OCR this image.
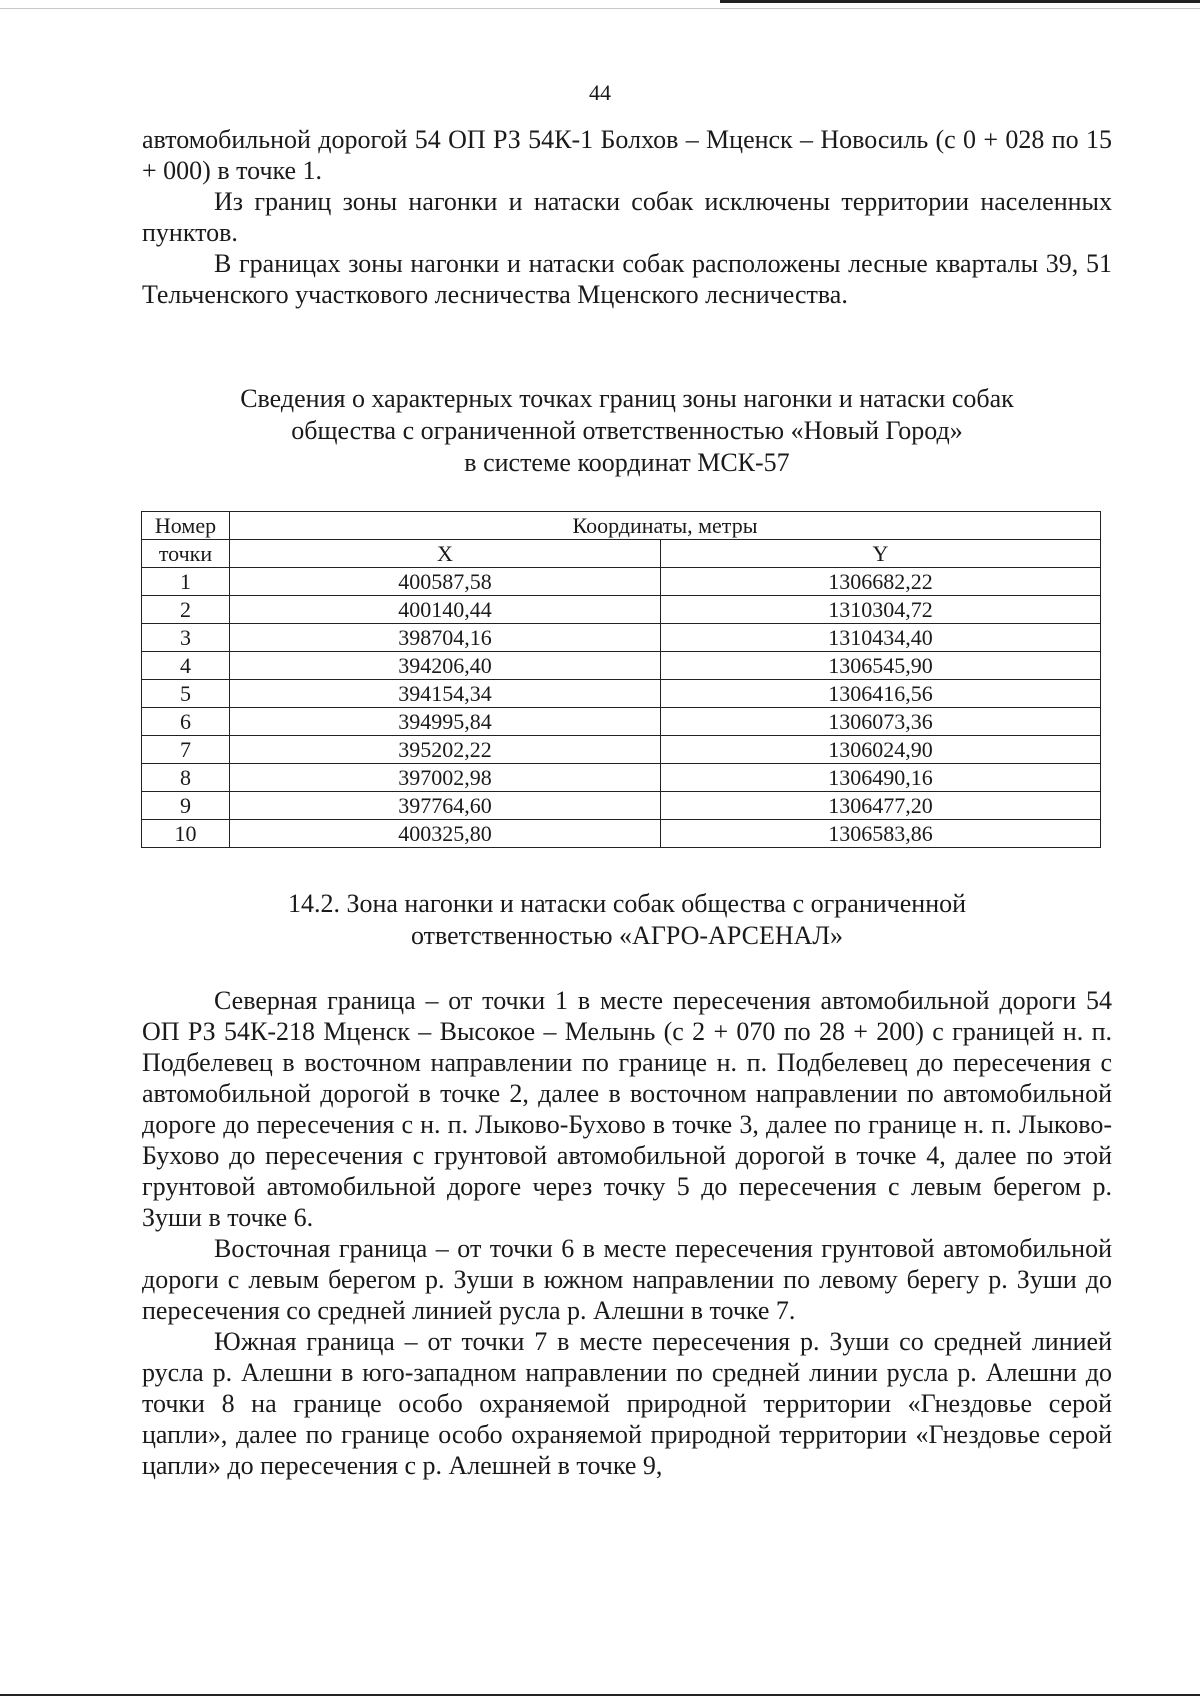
44

автомобильной дорогой 54 ОП РЗ 54К-1 Болхов – Мценск – Новосиль (с 0 + 028 по 15 + 000) в точке 1.

Из границ зоны нагонки и натаски собак исключены территории населенных пунктов.

В границах зоны нагонки и натаски собак расположены лесные кварталы 39, 51 Тельченского участкового лесничества Мценского лесничества.

Сведения о характерных точках границ зоны нагонки и натаски собак
общества с ограниченной ответственностью «Новый Город»
в системе координат МСК-57
Номер	Координаты, метры	
точки	X	Y
1	400587,58	1306682,22
2	400140,44	1310304,72
3	398704,16	1310434,40
4	394206,40	1306545,90
5	394154,34	1306416,56
6	394995,84	1306073,36
7	395202,22	1306024,90
8	397002,98	1306490,16
9	397764,60	1306477,20
10	400325,80	1306583,86
14.2. Зона нагонки и натаски собак общества с ограниченной
ответственностью «АГРО-АРСЕНАЛ»

Северная граница – от точки 1 в месте пересечения автомобильной дороги 54 ОП РЗ 54К-218 Мценск – Высокое – Мелынь (с 2 + 070 по 28 + 200) с границей н. п. Подбелевец в восточном направлении по границе н. п. Подбелевец до пересечения с автомобильной дорогой в точке 2, далее в восточном направлении по автомобильной дороге до пересечения с н. п. Лыково-Бухово в точке 3, далее по границе н. п. Лыково-Бухово до пересечения с грунтовой автомобильной дорогой в точке 4, далее по этой грунтовой автомобильной дороге через точку 5 до пересечения с левым берегом р. Зуши в точке 6.

Восточная граница – от точки 6 в месте пересечения грунтовой автомобильной дороги с левым берегом р. Зуши в южном направлении по левому берегу р. Зуши до пересечения со средней линией русла р. Алешни в точке 7.

Южная граница – от точки 7 в месте пересечения р. Зуши со средней линией русла р. Алешни в юго-западном направлении по средней линии русла р. Алешни до точки 8 на границе особо охраняемой природной территории «Гнездовье серой цапли», далее по границе особо охраняемой природной территории «Гнездовье серой цапли» до пересечения с р. Алешней в точке 9,
